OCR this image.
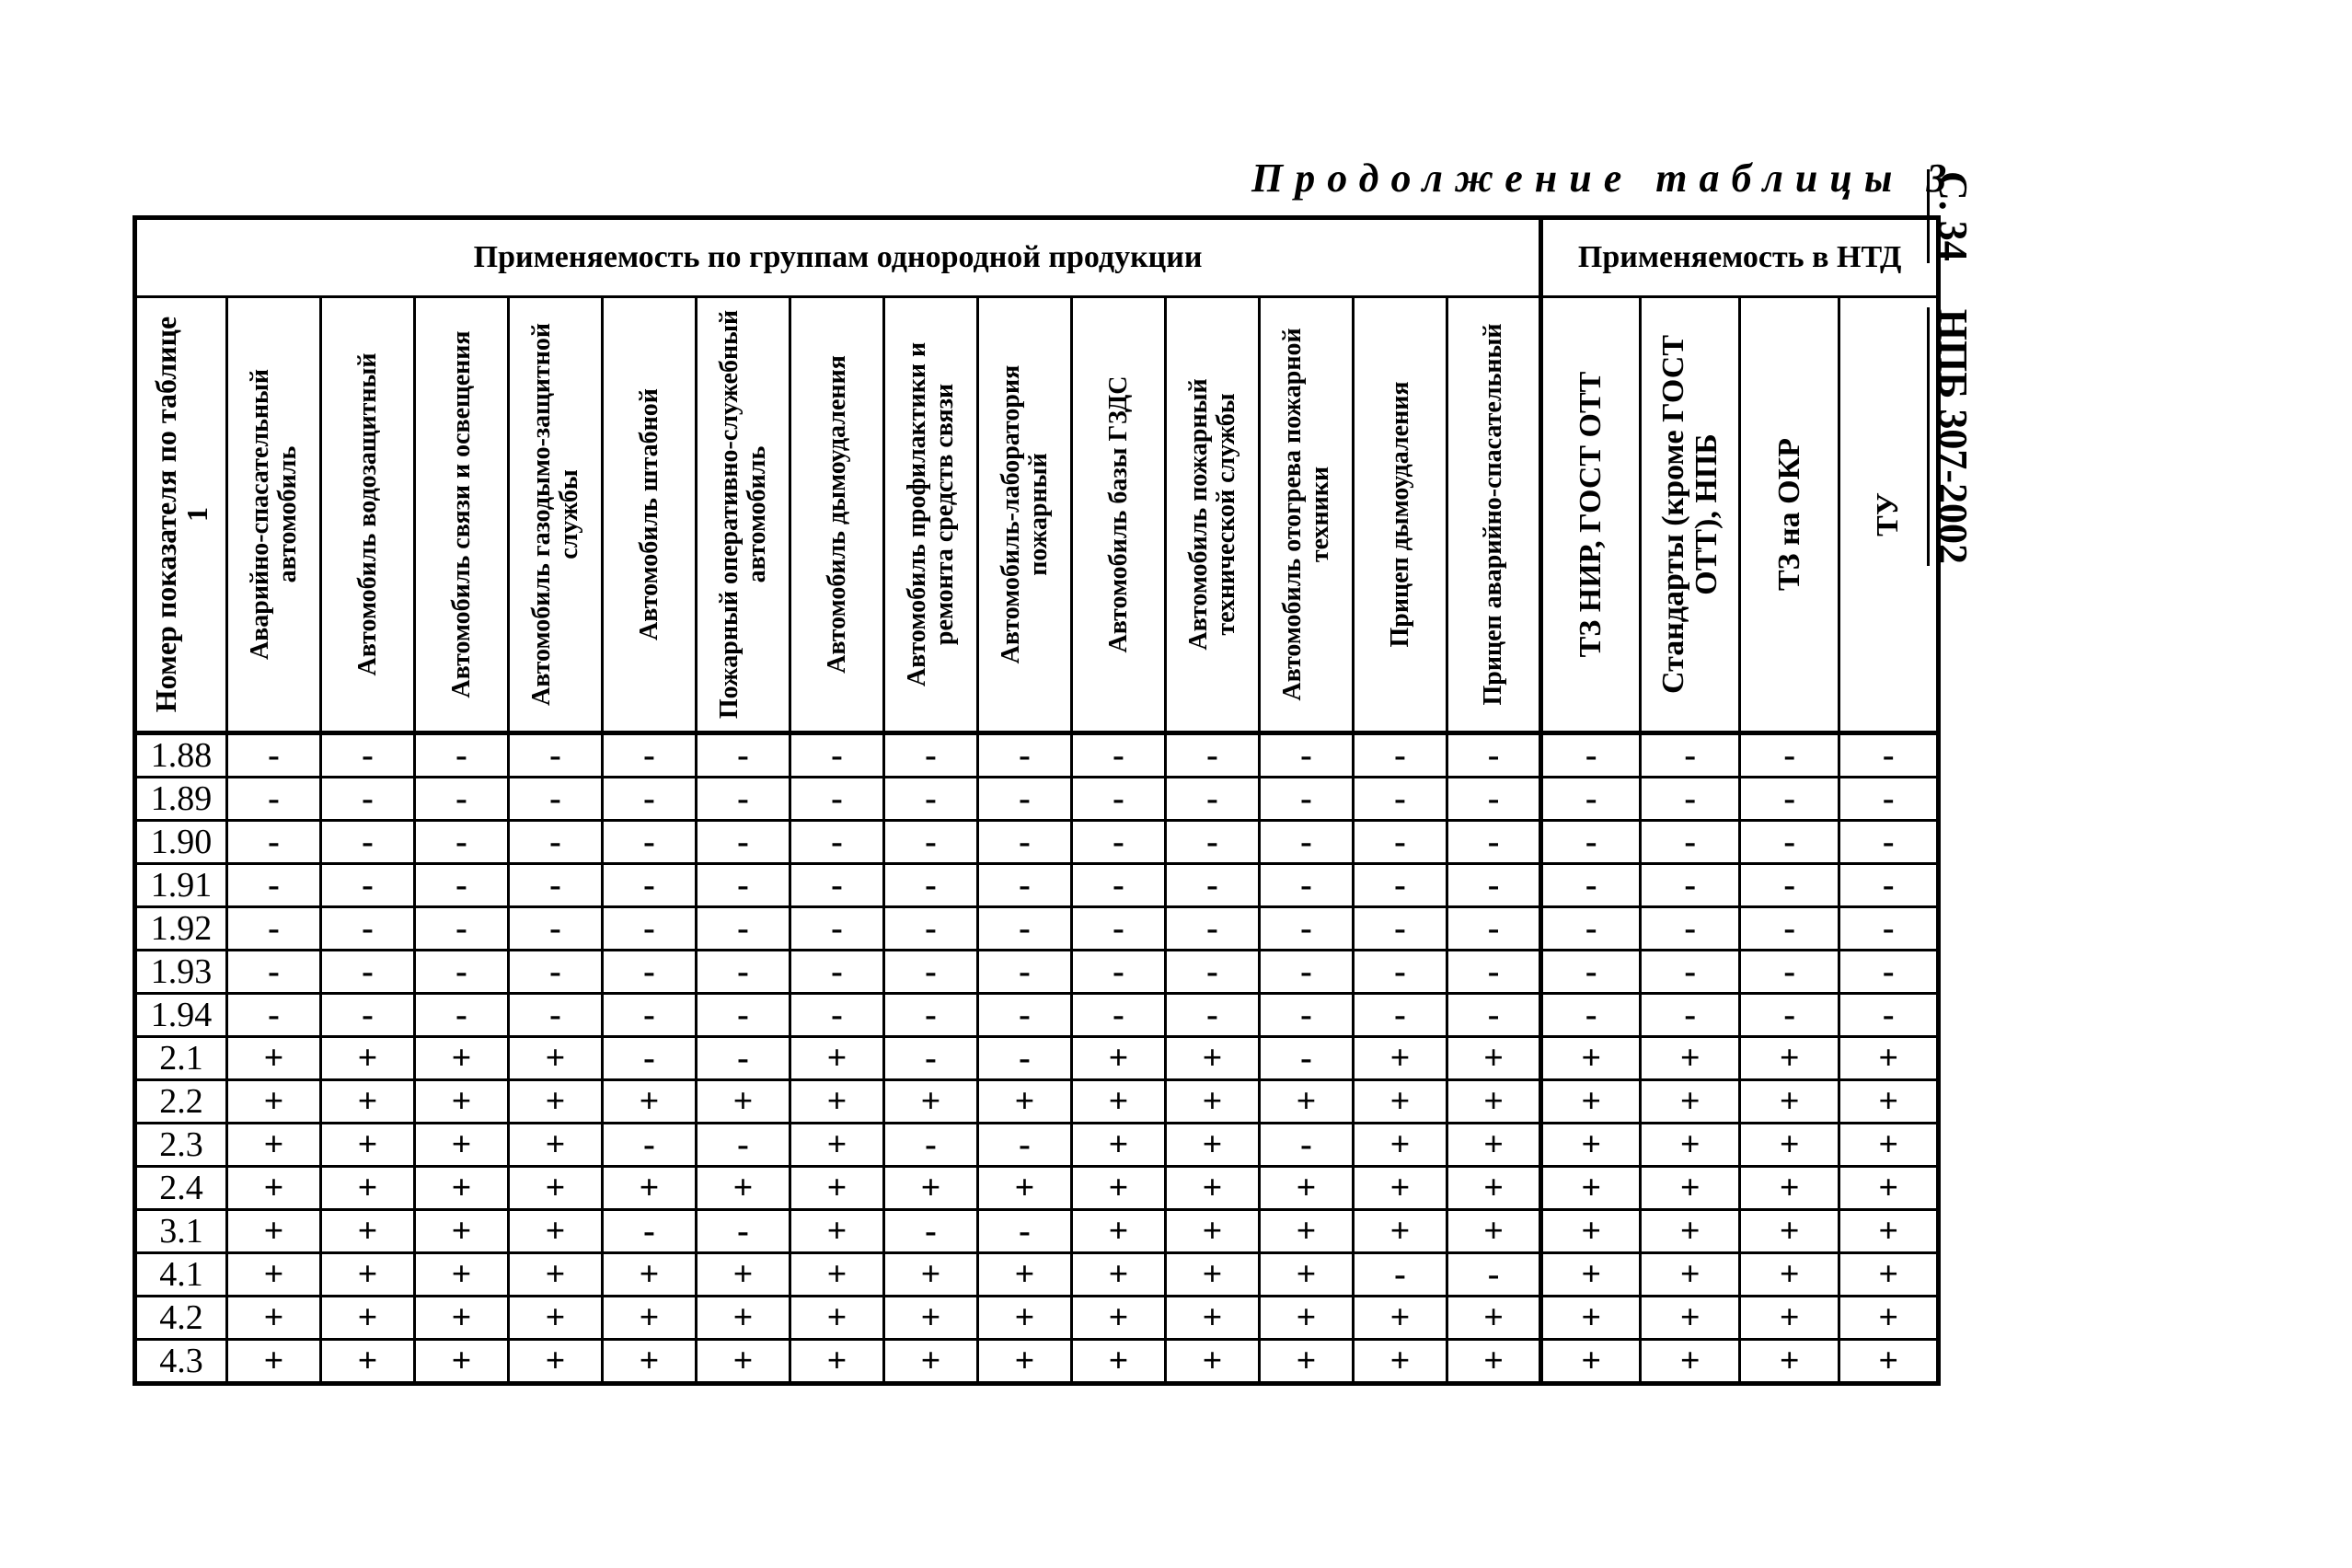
Продолжение таблицы 3
С. 34
НПБ 307-2002
Применяемость по группам однородной продукции															Применяемость в НТД			

Номер показателя по таблице 1	Аварийно-спасательный автомобиль	Автомобиль водозащитный	Автомобиль связи и освещения	Автомобиль газодымо-защитной службы	Автомобиль штабной	Пожарный оперативно-служебный автомобиль	Автомобиль дымоудаления	Автомобиль профилактики и ремонта средств связи	Автомобиль-лаборатория пожарный	Автомобиль базы ГЗДС	Автомобиль пожарный технической службы	Автомобиль отогрева пожарной техники	Прицеп дымоудаления	Прицеп аварийно-спасательный	ТЗ НИР, ГОСТ ОТТ	Стандарты (кроме ГОСТ ОТТ), НПБ	ТЗ на ОКР	ТУ

1.88	-	-	-	-	-	-	-	-	-	-	-	-	-	-	-	-	-	-
1.89	-	-	-	-	-	-	-	-	-	-	-	-	-	-	-	-	-	-
1.90	-	-	-	-	-	-	-	-	-	-	-	-	-	-	-	-	-	-
1.91	-	-	-	-	-	-	-	-	-	-	-	-	-	-	-	-	-	-
1.92	-	-	-	-	-	-	-	-	-	-	-	-	-	-	-	-	-	-
1.93	-	-	-	-	-	-	-	-	-	-	-	-	-	-	-	-	-	-
1.94	-	-	-	-	-	-	-	-	-	-	-	-	-	-	-	-	-	-
2.1	+	+	+	+	-	-	+	-	-	+	+	-	+	+	+	+	+	+
2.2	+	+	+	+	+	+	+	+	+	+	+	+	+	+	+	+	+	+
2.3	+	+	+	+	-	-	+	-	-	+	+	-	+	+	+	+	+	+
2.4	+	+	+	+	+	+	+	+	+	+	+	+	+	+	+	+	+	+
3.1	+	+	+	+	-	-	+	-	-	+	+	+	+	+	+	+	+	+
4.1	+	+	+	+	+	+	+	+	+	+	+	+	-	-	+	+	+	+
4.2	+	+	+	+	+	+	+	+	+	+	+	+	+	+	+	+	+	+
4.3	+	+	+	+	+	+	+	+	+	+	+	+	+	+	+	+	+	+
